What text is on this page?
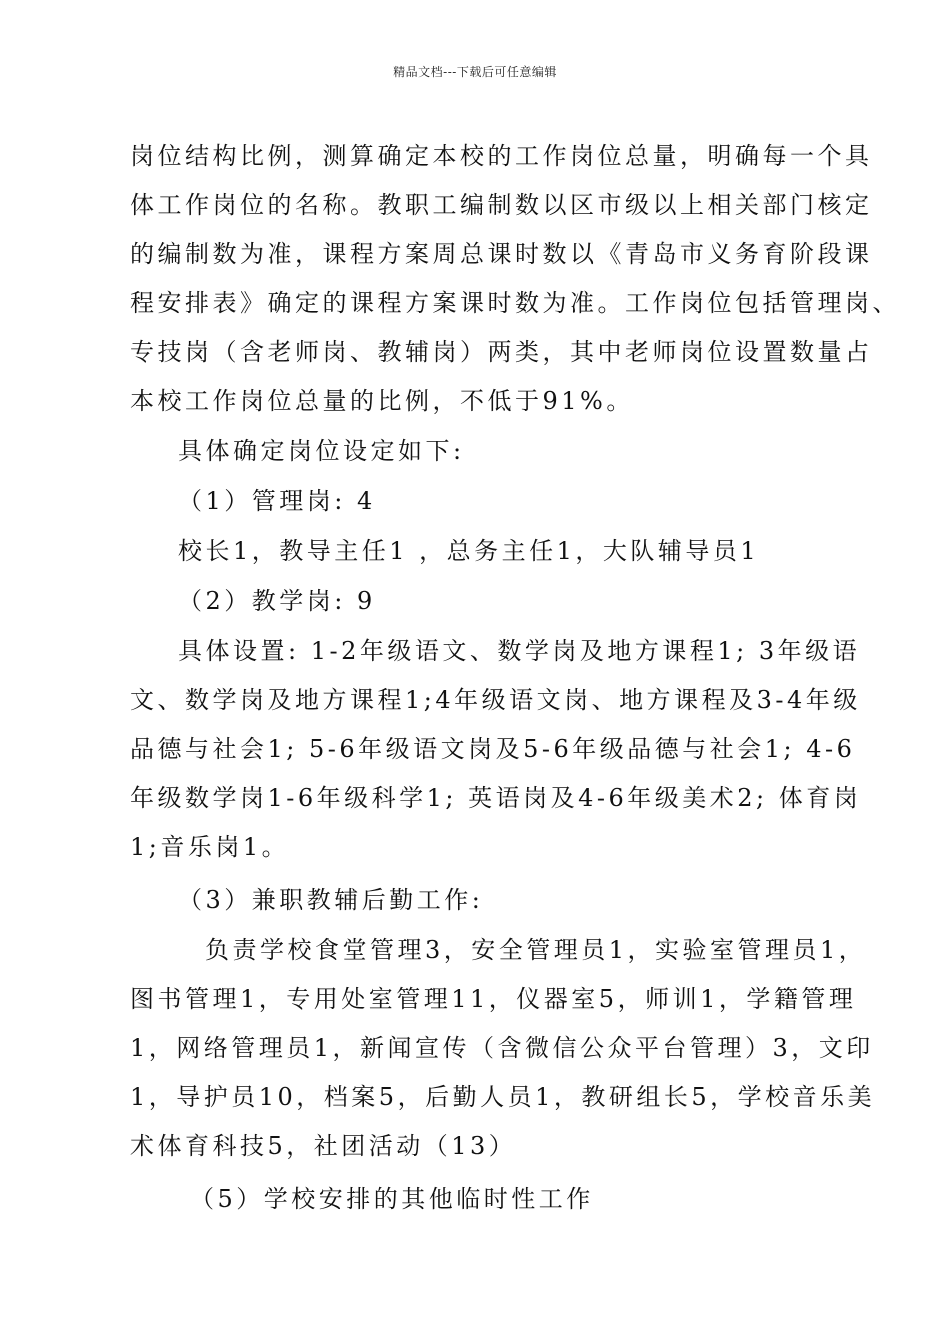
精品文档---下载后可任意编辑
岗位结构比例，测算确定本校的工作岗位总量，明确每一个具
体工作岗位的名称。教职工编制数以区市级以上相关部门核定
的编制数为准，课程方案周总课时数以《青岛市义务育阶段课
程安排表》确定的课程方案课时数为准。工作岗位包括管理岗、
专技岗（含老师岗、教辅岗）两类，其中老师岗位设置数量占
本校工作岗位总量的比例，不低于91%。
具体确定岗位设定如下:
（1）管理岗: 4
校长1，教导主任1 ，总务主任1，大队辅导员1
（2）教学岗: 9
具体设置: 1-2年级语文、数学岗及地方课程1; 3年级语
文、数学岗及地方课程1;4年级语文岗、地方课程及3-4年级
品德与社会1; 5-6年级语文岗及5-6年级品德与社会1; 4-6
年级数学岗1-6年级科学1; 英语岗及4-6年级美术2; 体育岗
1;音乐岗1。
（3）兼职教辅后勤工作:
负责学校食堂管理3，安全管理员1，实验室管理员1，
图书管理1，专用处室管理11，仪器室5，师训1，学籍管理
1，网络管理员1，新闻宣传（含微信公众平台管理）3，文印
1，导护员10，档案5，后勤人员1，教研组长5，学校音乐美
术体育科技5，社团活动（13）
（5）学校安排的其他临时性工作
